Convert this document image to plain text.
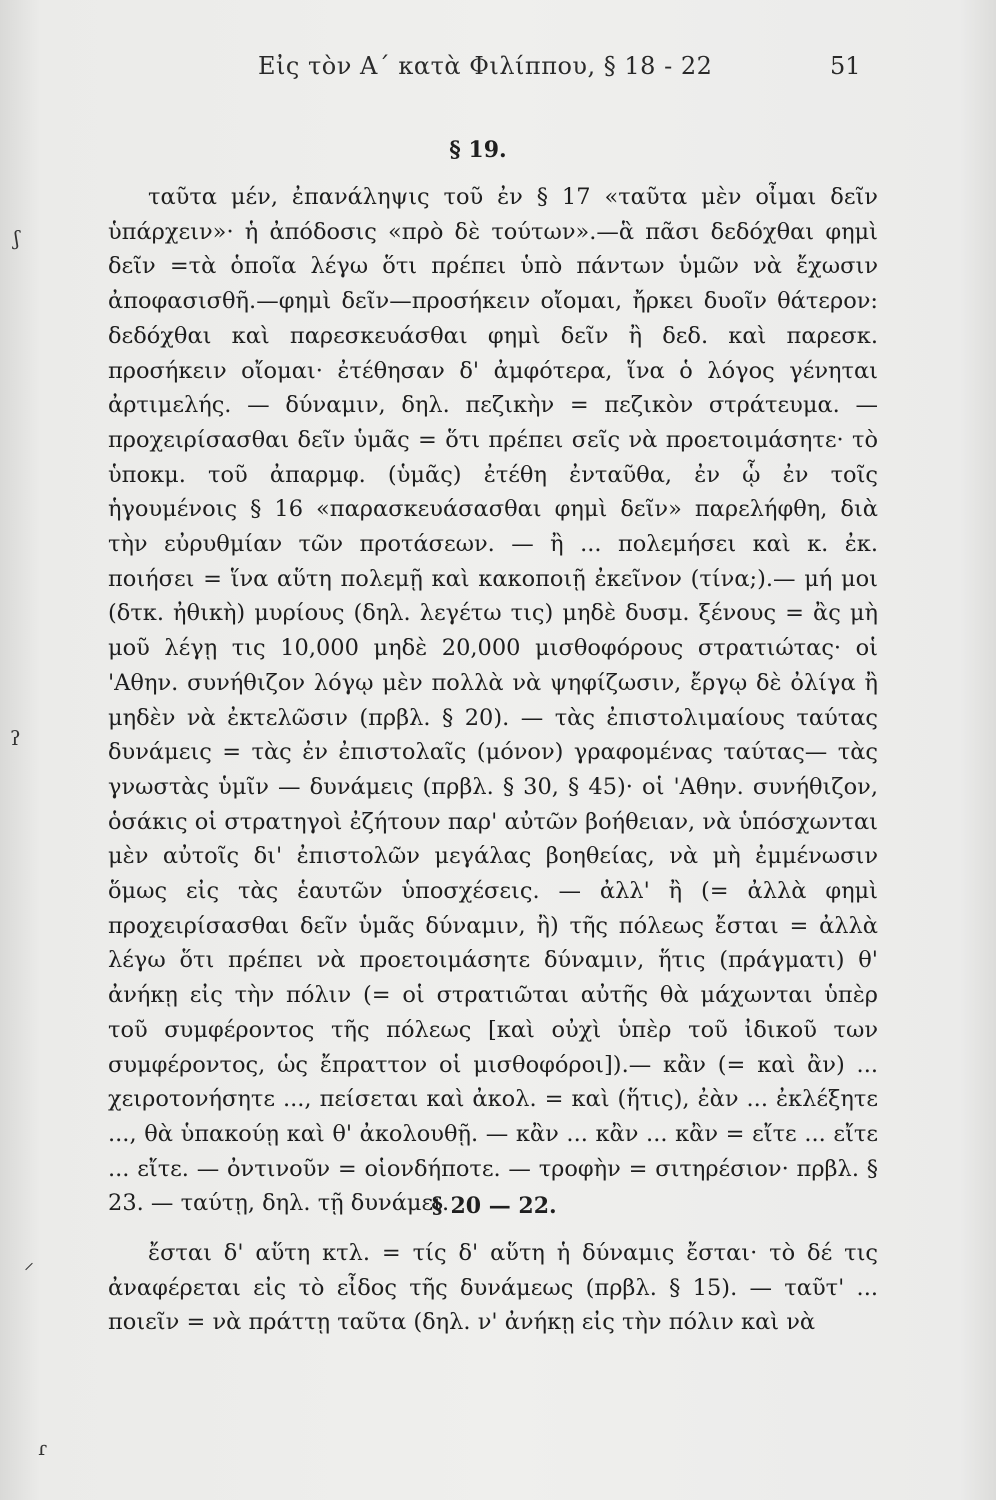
Εἰς τὸν Α΄ κατὰ Φιλίππου, § 18 - 22	51
§ 19.
ταῦτα μέν, ἐπανάληψις τοῦ ἐν § 17 «ταῦτα μὲν οἶμαι δεῖν ὑπάρχειν»· ἡ ἀπόδοσις «πρὸ δὲ τούτων».—ἃ πᾶσι δεδόχθαι φημὶ δεῖν =τὰ ὁποῖα λέγω ὅτι πρέπει ὑπὸ πάντων ὑμῶν νὰ ἔχωσιν ἀποφασισθῆ.—φημὶ δεῖν—προσήκειν οἴομαι, ἤρκει δυοῖν θάτερον: δεδόχθαι καὶ παρεσκευάσθαι φημὶ δεῖν ἢ δεδ. καὶ παρεσκ. προσήκειν οἴομαι· ἐτέθησαν δ' ἀμφότερα, ἵνα ὁ λόγος γένηται ἀρτιμελής. — δύναμιν, δηλ. πεζικὴν = πεζικὸν στράτευμα. — προχειρίσασθαι δεῖν ὑμᾶς = ὅτι πρέπει σεῖς νὰ προετοιμάσητε· τὸ ὑποκμ. τοῦ ἀπαρμφ. (ὑμᾶς) ἐτέθη ἐνταῦθα, ἐν ᾧ ἐν τοῖς ἡγουμένοις § 16 «παρασκευάσασθαι φημὶ δεῖν» παρελήφθη, διὰ τὴν εὐρυθμίαν τῶν προτάσεων. — ἢ ... πολεμήσει καὶ κ. ἐκ. ποιήσει = ἵνα αὕτη πολεμῇ καὶ κακοποιῇ ἐκεῖνον (τίνα;).— μή μοι (δτκ. ἠθικὴ) μυρίους (δηλ. λεγέτω τις) μηδὲ δυσμ. ξένους = ἂς μὴ μοῦ λέγῃ τις 10,000 μηδὲ 20,000 μισθοφόρους στρατιώτας· οἱ 'Αθην. συνήθιζον λόγῳ μὲν πολλὰ νὰ ψηφίζωσιν, ἔργῳ δὲ ὀλίγα ἢ μηδὲν νὰ ἐκτελῶσιν (πρβλ. § 20). — τὰς ἐπιστολιμαίους ταύτας δυνάμεις = τὰς ἐν ἐπιστολαῖς (μόνον) γραφομένας ταύτας— τὰς γνωστὰς ὑμῖν — δυνάμεις (πρβλ. § 30, § 45)· οἱ 'Αθην. συνήθιζον, ὁσάκις οἱ στρατηγοὶ ἐζήτουν παρ' αὐτῶν βοήθειαν, νὰ ὑπόσχωνται μὲν αὐτοῖς δι' ἐπιστολῶν μεγάλας βοηθείας, νὰ μὴ ἐμμένωσιν ὅμως εἰς τὰς ἑαυτῶν ὑποσχέσεις. — ἀλλ' ἢ (= ἀλλὰ φημὶ προχειρίσασθαι δεῖν ὑμᾶς δύναμιν, ἢ) τῆς πόλεως ἔσται = ἀλλὰ λέγω ὅτι πρέπει νὰ προετοιμάσητε δύναμιν, ἥτις (πράγματι) θ' ἀνήκῃ εἰς τὴν πόλιν (= οἱ στρατιῶται αὐτῆς θὰ μάχωνται ὑπὲρ τοῦ συμφέροντος τῆς πόλεως [καὶ οὐχὶ ὑπὲρ τοῦ ἰδικοῦ των συμφέροντος, ὡς ἔπραττον οἱ μισθοφόροι]).— κἂν (= καὶ ἂν) ... χειροτονήσητε ..., πείσεται καὶ ἀκολ. = καὶ (ἥτις), ἐὰν ... ἐκλέξητε ..., θὰ ὑπακούῃ καὶ θ' ἀκολουθῇ. — κἂν ... κἂν ... κἂν = εἴτε ... εἴτε ... εἴτε. — ὀντινοῦν = οἱονδήποτε. — τροφὴν = σιτηρέσιον· πρβλ. § 23. — ταύτῃ, δηλ. τῇ δυνάμει.
§ 20 — 22.
ἔσται δ' αὕτη κτλ. = τίς δ' αὕτη ἡ δύναμις ἔσται· τὸ δέ τις ἀναφέρεται εἰς τὸ εἶδος τῆς δυνάμεως (πρβλ. § 15). — ταῦτ' ... ποιεῖν = νὰ πράττῃ ταῦτα (δηλ. ν' ἀνήκῃ εἰς τὴν πόλιν καὶ νὰ
ʃ
ʔ
⸍
ɾ
